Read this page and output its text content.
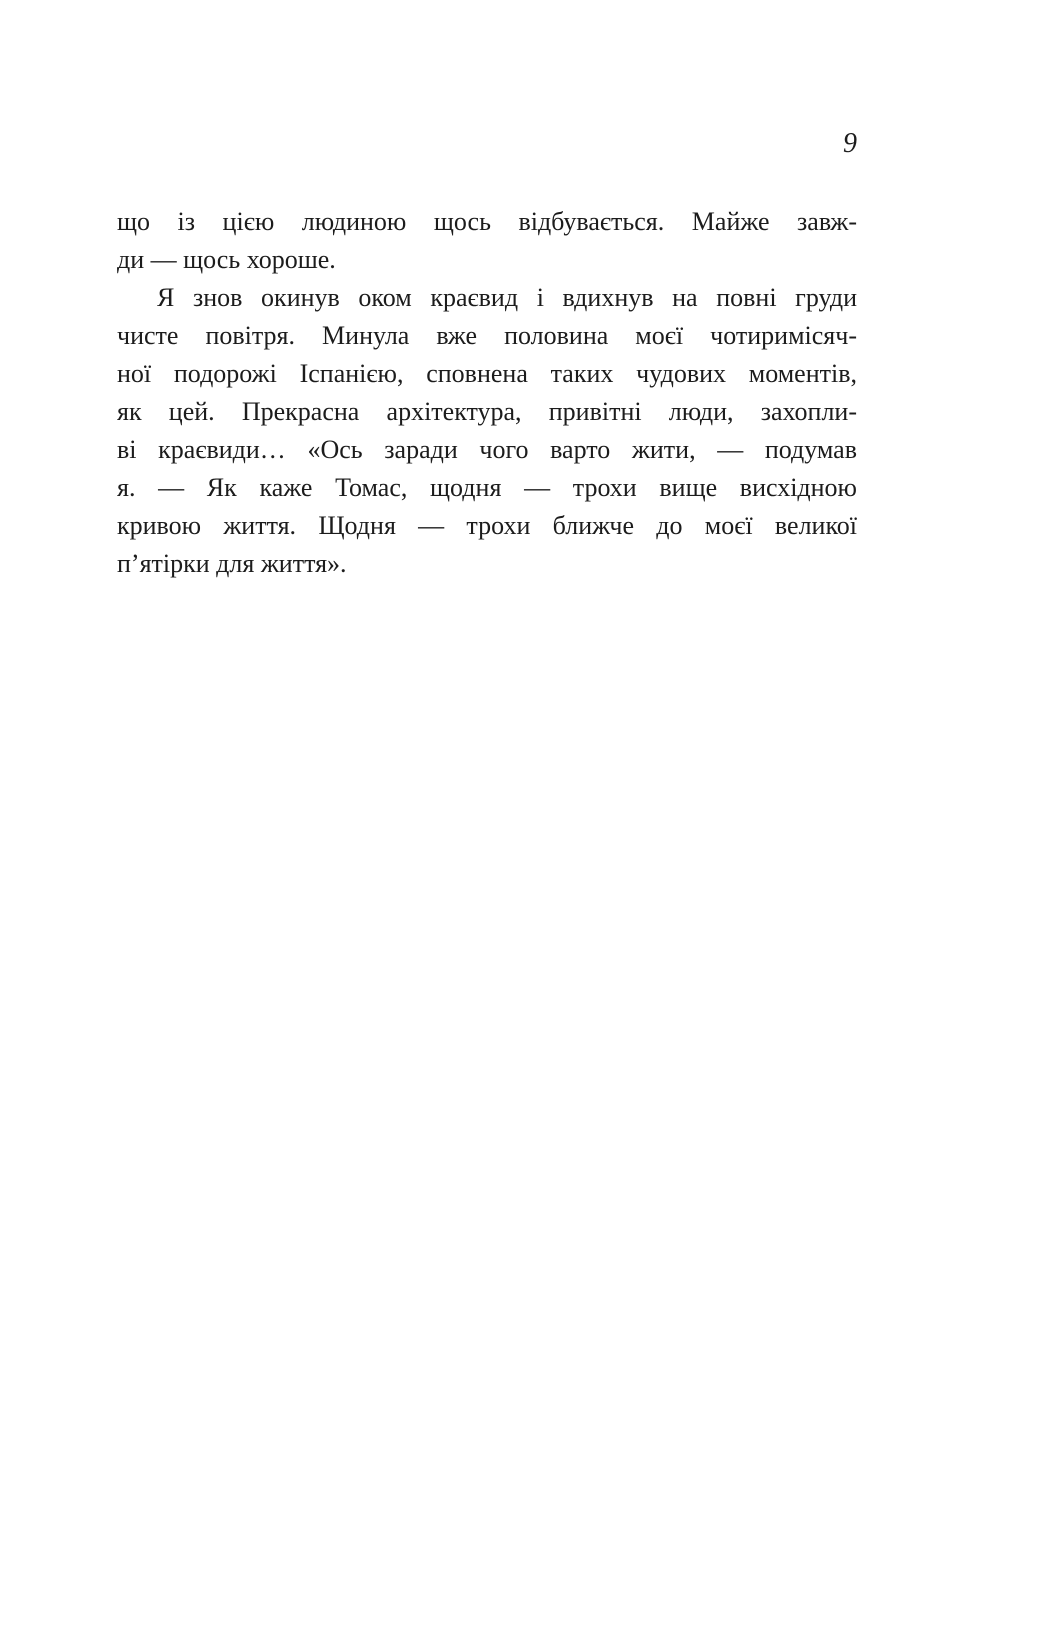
9
що із цією людиною щось відбувається. Майже завж-
ди — щось хороше.
Я знов окинув оком краєвид і вдихнув на повні груди
чисте повітря. Минула вже половина моєї чотиримісяч-
ної подорожі Іспанією, сповнена таких чудових моментів,
як цей. Прекрасна архітектура, привітні люди, захопли-
ві краєвиди… «Ось заради чого варто жити, — подумав
я. — Як каже Томас, щодня — трохи вище висхідною
кривою життя. Щодня — трохи ближче до моєї великої
п’ятірки для життя».
